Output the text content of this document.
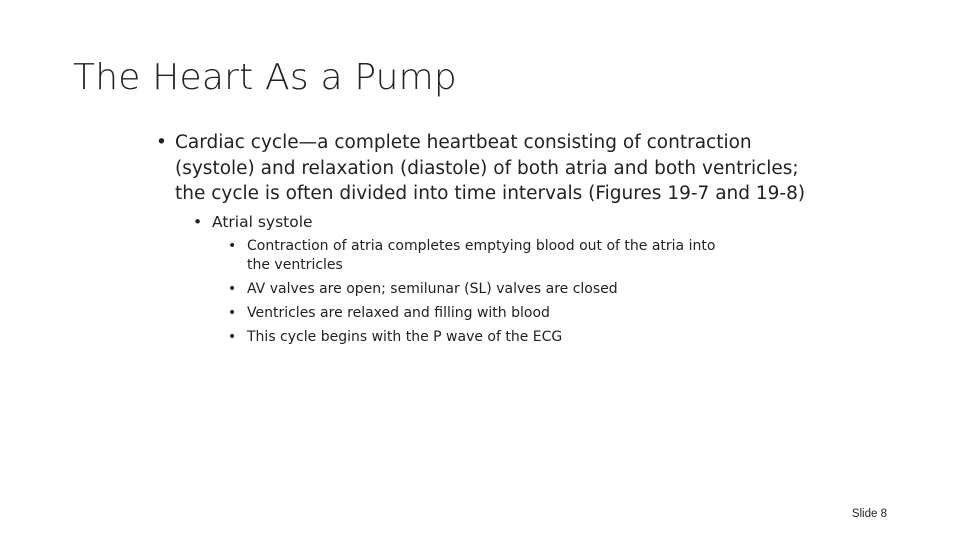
The Heart As a Pump
• Cardiac cycle—a complete heartbeat consisting of contraction (systole) and relaxation (diastole) of both atria and both ventricles; the cycle is often divided into time intervals (Figures 19-7 and 19-8)
• Atrial systole
• Contraction of atria completes emptying blood out of the atria into the ventricles
• AV valves are open; semilunar (SL) valves are closed
• Ventricles are relaxed and filling with blood
• This cycle begins with the P wave of the ECG
Slide 8
